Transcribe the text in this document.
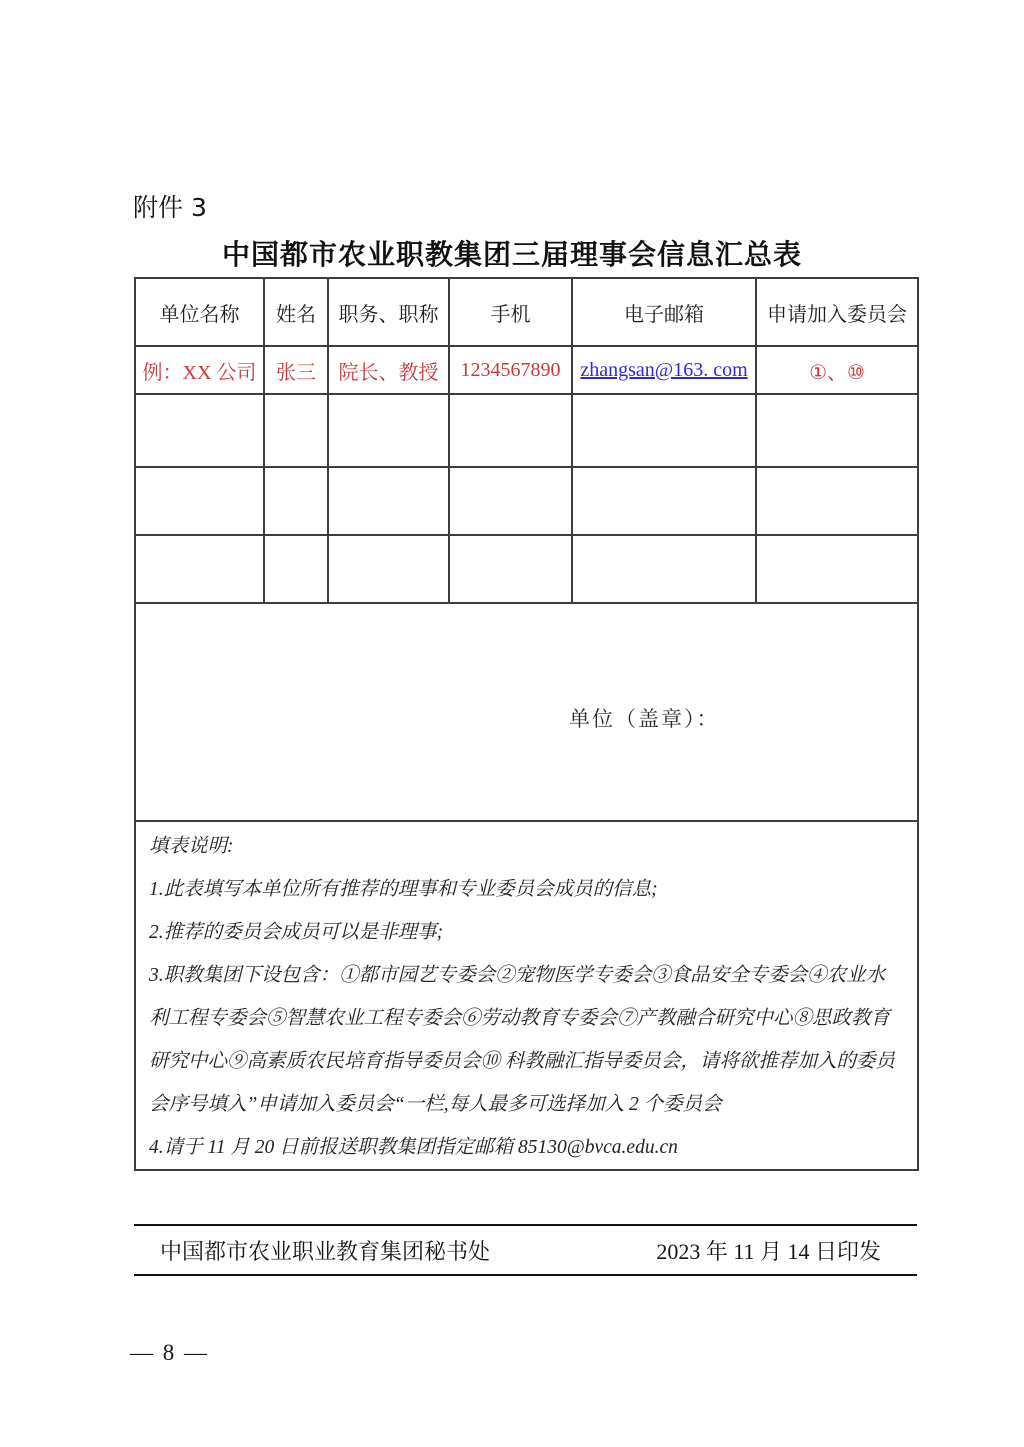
附件 3
中国都市农业职教集团三届理事会信息汇总表
单位名称	姓名	职务、职称	手机	电子邮箱	申请加入委员会
例：XX 公司	张三	院长、教授	1234567890	zhangsan@163. com	①、⑩

单位（盖章）：					

填表说明:

1.此表填写本单位所有推荐的理事和专业委员会成员的信息;

2.推荐的委员会成员可以是非理事;

3.职教集团下设包含：①都市园艺专委会②宠物医学专委会③食品安全专委会④农业水利工程专委会⑤智慧农业工程专委会⑥劳动教育专委会⑦产教融合研究中心⑧思政教育研究中心⑨高素质农民培育指导委员会⑩ 科教融汇指导委员会，请将欲推荐加入的委员会序号填入”申请加入委员会“一栏,每人最多可选择加入 2 个委员会

4.请于 11 月 20 日前报送职教集团指定邮箱 85130@bvca.edu.cn					

中国都市农业职业教育集团秘书处	2023 年 11 月 14 日印发
— 8 —
